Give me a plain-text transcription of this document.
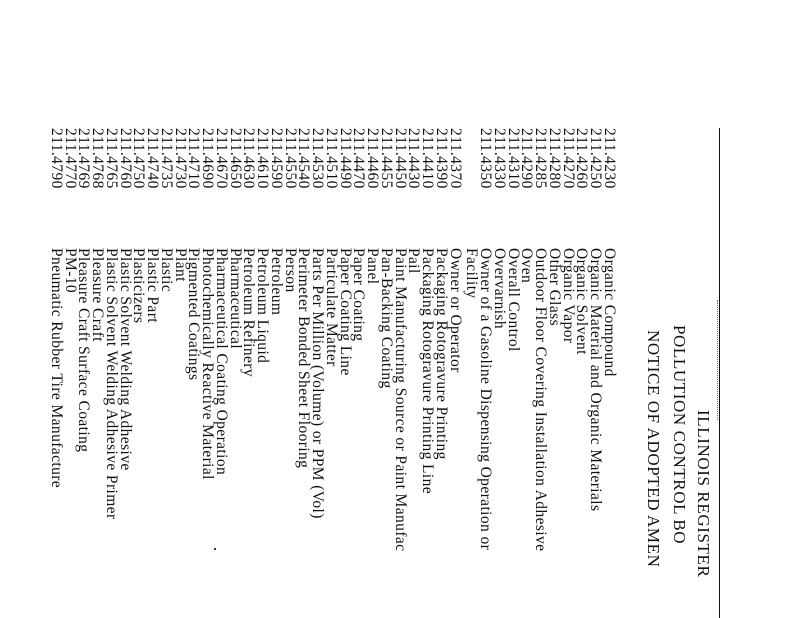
ILLINOIS REGISTER
POLLUTION CONTROL BO
NOTICE OF ADOPTED AMEN
211.4230
Organic Compound
211.4250
Organic Material and Organic Materials
211.4260
Organic Solvent
211.4270
Organic Vapor
211.4280
Other Glass
211.4285
Outdoor Floor Covering Installation Adhesive
211.4290
Oven
211.4310
Overall Control
211.4330
Overvarnish
211.4350
Owner of a Gasoline Dispensing Operation or
Facility
211.4370
Owner or Operator
211.4390
Packaging Rotogravure Printing
211.4410
Packaging Rotogravure Printing Line
211.4430
Pail
211.4450
Paint Manufacturing Source or Paint Manufac
211.4455
Pan-Backing Coating
211.4460
Panel
211.4470
Paper Coating
211.4490
Paper Coating Line
211.4510
Particulate Matter
211.4530
Parts Per Million (Volume) or PPM (Vol)
211.4540
Perimeter Bonded Sheet Flooring
211.4550
Person
211.4590
Petroleum
211.4610
Petroleum Liquid
211.4630
Petroleum Refinery
211.4650
Pharmaceutical
211.4670
Pharmaceutical Coating Operation
211.4690
Photochemically Reactive Material
211.4710
Pigmented Coatings
211.4730
Plant
211.4735
Plastic
211.4740
Plastic Part
211.4750
Plasticizers
211.4760
Plastic Solvent Welding Adhesive
211.4765
Plastic Solvent Welding Adhesive Primer
211.4768
Pleasure Craft
211.4769
Pleasure Craft Surface Coating
211.4770
PM-10
211.4790
Pneumatic Rubber Tire Manufacture
